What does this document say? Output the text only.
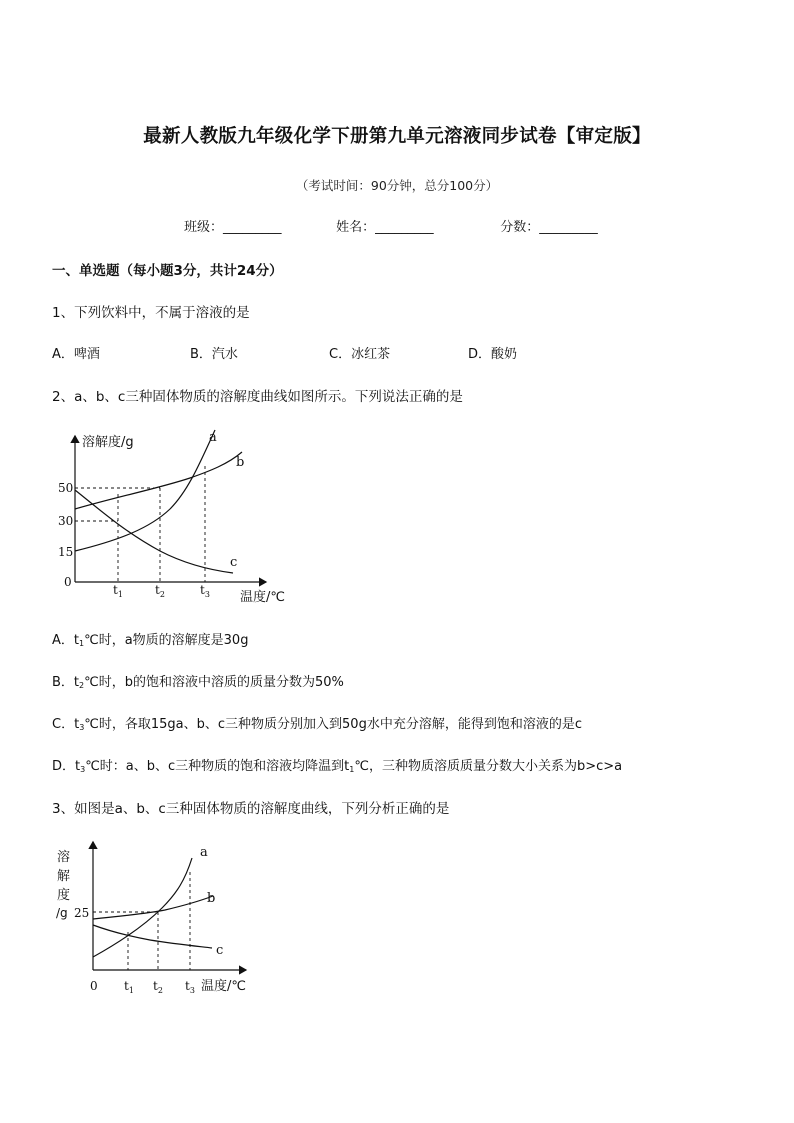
最新人教版九年级化学下册第九单元溶液同步试卷【审定版】
（考试时间：90分钟，总分100分）
班级：_________	姓名：_________	分数：_________
一、单选题（每小题3分，共计24分）
1、下列饮料中，不属于溶液的是
A．啤酒	B．汽水	C．冰红茶	D．酸奶
2、a、b、c三种固体物质的溶解度曲线如图所示。下列说法正确的是
溶解度/g
温度/℃
50
30
15
0
$t_1$	$t_2$	$t_3$
a
b
c
A．$t_1℃$时，a物质的溶解度是30g
B．$t_2℃$时，b的饱和溶液中溶质的质量分数为50%
C．$t_3℃$时，各取15ga、b、c三种物质分别加入到50g水中充分溶解，能得到饱和溶液的是c
D．$t_3℃$时：a、b、c三种物质的饱和溶液均降温到$t_1℃$，三种物质溶质质量分数大小关系为b>c>a
3、如图是a、b、c三种固体物质的溶解度曲线，下列分析正确的是
溶
解
度
/g 25
0 $t_1$ $t_2$ $t_3$ 温度/℃
a
b
c
